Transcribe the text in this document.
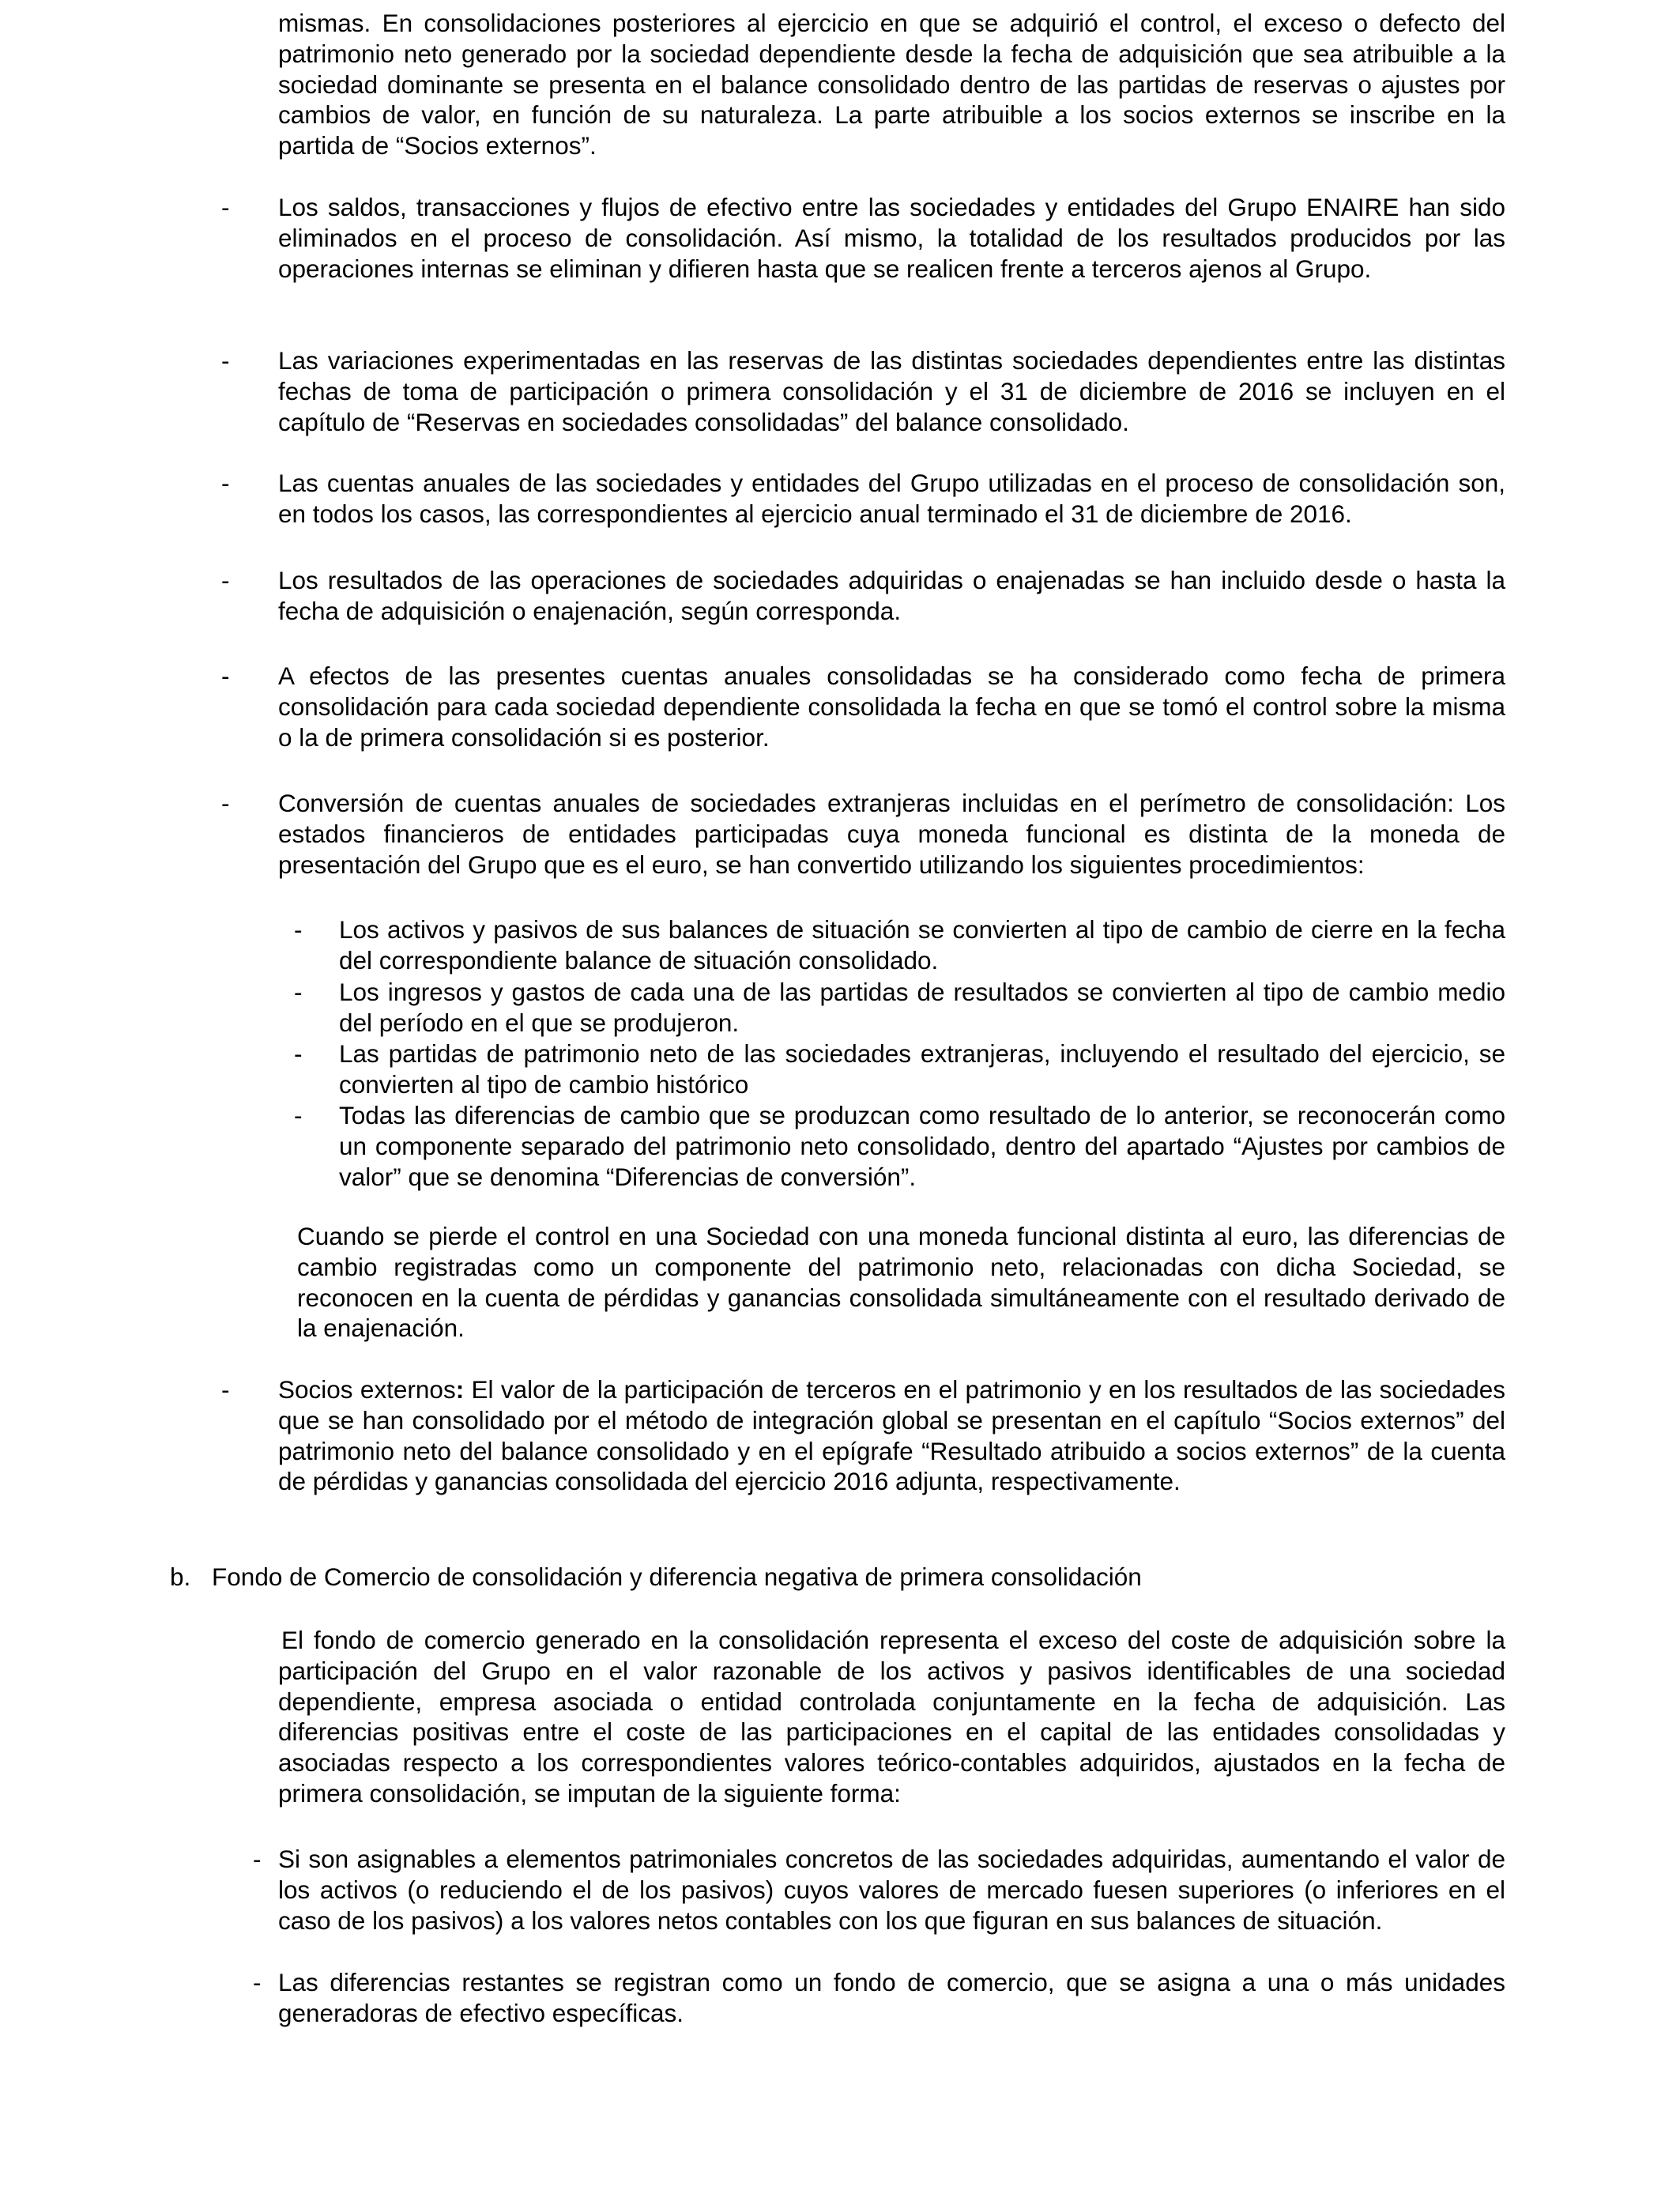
mismas. En consolidaciones posteriores al ejercicio en que se adquirió el control, el exceso o defecto del patrimonio neto generado por la sociedad dependiente desde la fecha de adquisición que sea atribuible a la sociedad dominante se presenta en el balance consolidado dentro de las partidas de reservas o ajustes por cambios de valor, en función de su naturaleza. La parte atribuible a los socios externos se inscribe en la partida de “Socios externos”.

- Los saldos, transacciones y flujos de efectivo entre las sociedades y entidades del Grupo ENAIRE han sido eliminados en el proceso de consolidación. Así mismo, la totalidad de los resultados producidos por las operaciones internas se eliminan y difieren hasta que se realicen frente a terceros ajenos al Grupo.
- Las variaciones experimentadas en las reservas de las distintas sociedades dependientes entre las distintas fechas de toma de participación o primera consolidación y el 31 de diciembre de 2016 se incluyen en el capítulo de “Reservas en sociedades consolidadas” del balance consolidado.
- Las cuentas anuales de las sociedades y entidades del Grupo utilizadas en el proceso de consolidación son, en todos los casos, las correspondientes al ejercicio anual terminado el 31 de diciembre de 2016.
- Los resultados de las operaciones de sociedades adquiridas o enajenadas se han incluido desde o hasta la fecha de adquisición o enajenación, según corresponda.
- A efectos de las presentes cuentas anuales consolidadas se ha considerado como fecha de primera consolidación para cada sociedad dependiente consolidada la fecha en que se tomó el control sobre la misma o la de primera consolidación si es posterior.
- Conversión de cuentas anuales de sociedades extranjeras incluidas en el perímetro de consolidación: Los estados financieros de entidades participadas cuya moneda funcional es distinta de la moneda de presentación del Grupo que es el euro, se han convertido utilizando los siguientes procedimientos:
- Los activos y pasivos de sus balances de situación se convierten al tipo de cambio de cierre en la fecha del correspondiente balance de situación consolidado.
- Los ingresos y gastos de cada una de las partidas de resultados se convierten al tipo de cambio medio del período en el que se produjeron.
- Las partidas de patrimonio neto de las sociedades extranjeras, incluyendo el resultado del ejercicio, se convierten al tipo de cambio histórico
- Todas las diferencias de cambio que se produzcan como resultado de lo anterior, se reconocerán como un componente separado del patrimonio neto consolidado, dentro del apartado “Ajustes por cambios de valor” que se denomina “Diferencias de conversión”.

Cuando se pierde el control en una Sociedad con una moneda funcional distinta al euro, las diferencias de cambio registradas como un componente del patrimonio neto, relacionadas con dicha Sociedad, se reconocen en la cuenta de pérdidas y ganancias consolidada simultáneamente con el resultado derivado de la enajenación.

- Socios externos: El valor de la participación de terceros en el patrimonio y en los resultados de las sociedades que se han consolidado por el método de integración global se presentan en el capítulo “Socios externos” del patrimonio neto del balance consolidado y en el epígrafe “Resultado atribuido a socios externos” de la cuenta de pérdidas y ganancias consolidada del ejercicio 2016 adjunta, respectivamente.
b. Fondo de Comercio de consolidación y diferencia negativa de primera consolidación

El fondo de comercio generado en la consolidación representa el exceso del coste de adquisición sobre la participación del Grupo en el valor razonable de los activos y pasivos identificables de una sociedad dependiente, empresa asociada o entidad controlada conjuntamente en la fecha de adquisición. Las diferencias positivas entre el coste de las participaciones en el capital de las entidades consolidadas y asociadas respecto a los correspondientes valores teórico-contables adquiridos, ajustados en la fecha de primera consolidación, se imputan de la siguiente forma:

- Si son asignables a elementos patrimoniales concretos de las sociedades adquiridas, aumentando el valor de los activos (o reduciendo el de los pasivos) cuyos valores de mercado fuesen superiores (o inferiores en el caso de los pasivos) a los valores netos contables con los que figuran en sus balances de situación.
- Las diferencias restantes se registran como un fondo de comercio, que se asigna a una o más unidades generadoras de efectivo específicas.
